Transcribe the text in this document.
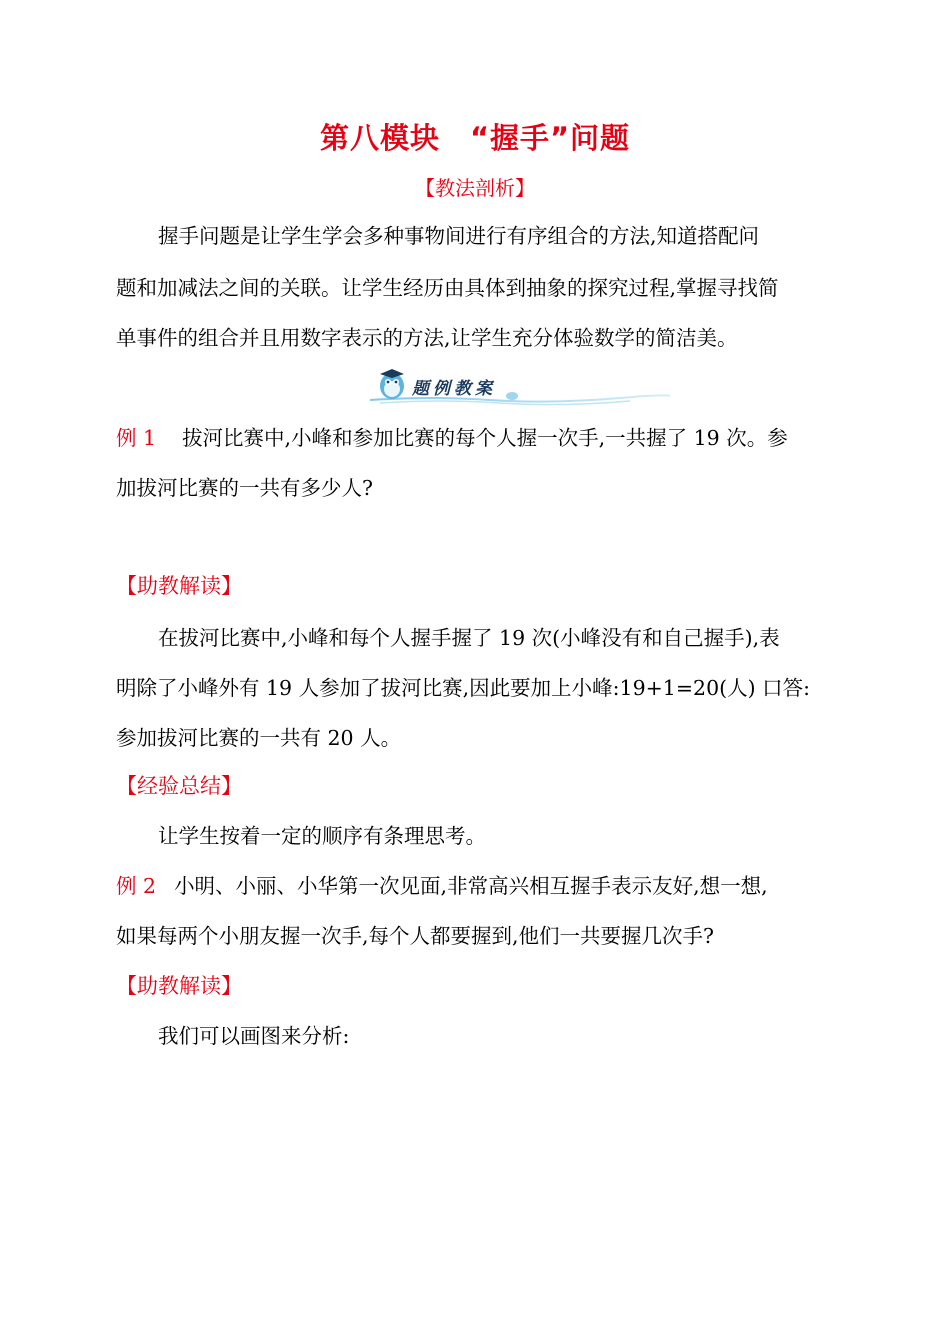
第八模块　“握手”问题
【教法剖析】
握手问题是让学生学会多种事物间进行有序组合的方法,知道搭配问
题和加减法之间的关联。让学生经历由具体到抽象的探究过程,掌握寻找简
单事件的组合并且用数字表示的方法,让学生充分体验数学的简洁美。
题例教案
例 1 拔河比赛中,小峰和参加比赛的每个人握一次手,一共握了 19 次。参
加拔河比赛的一共有多少人?
【助教解读】
在拔河比赛中,小峰和每个人握手握了 19 次(小峰没有和自己握手),表
明除了小峰外有 19 人参加了拔河比赛,因此要加上小峰:19+1=20(人) 口答:
参加拔河比赛的一共有 20 人。
【经验总结】
让学生按着一定的顺序有条理思考。
例 2 小明、小丽、小华第一次见面,非常高兴相互握手表示友好,想一想,
如果每两个小朋友握一次手,每个人都要握到,他们一共要握几次手?
【助教解读】
我们可以画图来分析:
